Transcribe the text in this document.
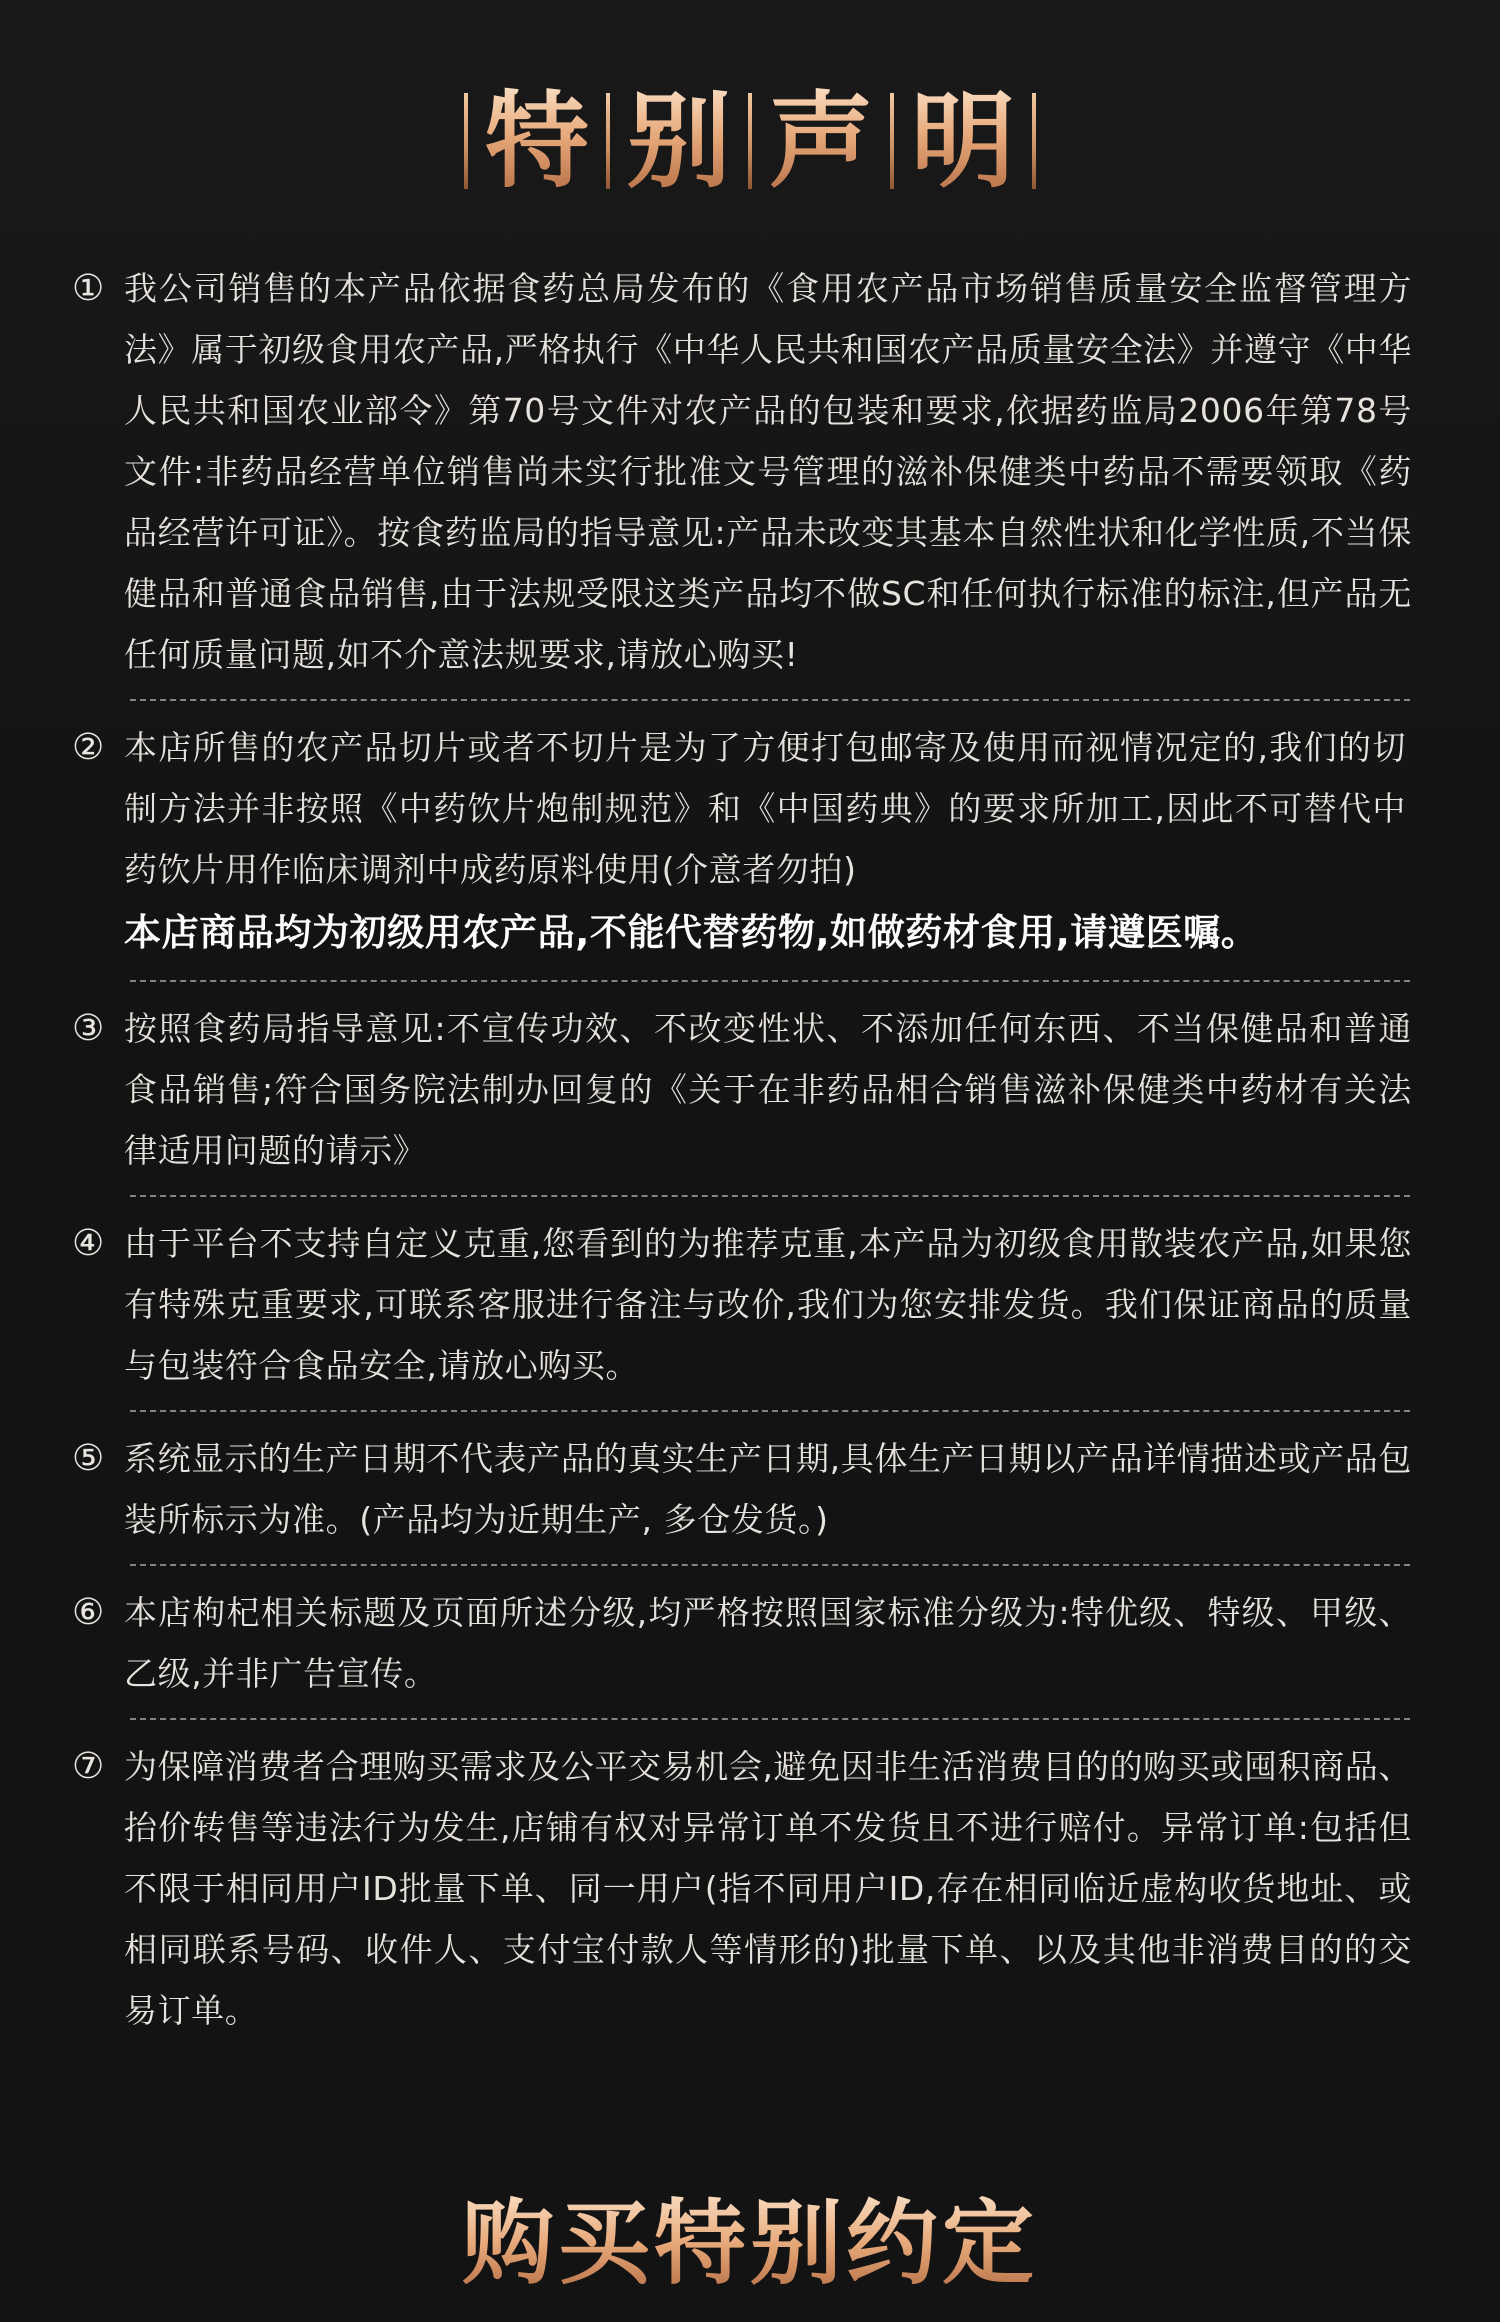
特 别 声 明
① 我公司销售的本产品依据食药总局发布的《食用农产品市场销售质量安全监督管理方法》属于初级食用农产品,严格执行《中华人民共和国农产品质量安全法》并遵守《中华人民共和国农业部令》第70号文件对农产品的包装和要求,依据药监局2006年第78号文件:非药品经营单位销售尚未实行批准文号管理的滋补保健类中药品不需要领取《药品经营许可证》。按食药监局的指导意见:产品未改变其基本自然性状和化学性质,不当保健品和普通食品销售,由于法规受限这类产品均不做SC和任何执行标准的标注,但产品无任何质量问题,如不介意法规要求,请放心购买!
② 本店所售的农产品切片或者不切片是为了方便打包邮寄及使用而视情况定的,我们的切制方法并非按照《中药饮片炮制规范》和《中国药典》的要求所加工,因此不可替代中药饮片用作临床调剂中成药原料使用(介意者勿拍)
本店商品均为初级用农产品,不能代替药物,如做药材食用,请遵医嘱。
③ 按照食药局指导意见:不宣传功效、不改变性状、不添加任何东西、不当保健品和普通食品销售;符合国务院法制办回复的《关于在非药品相合销售滋补保健类中药材有关法律适用问题的请示》
④ 由于平台不支持自定义克重,您看到的为推荐克重,本产品为初级食用散装农产品,如果您有特殊克重要求,可联系客服进行备注与改价,我们为您安排发货。我们保证商品的质量与包装符合食品安全,请放心购买。
⑤ 系统显示的生产日期不代表产品的真实生产日期,具体生产日期以产品详情描述或产品包装所标示为准。(产品均为近期生产, 多仓发货。)
⑥ 本店枸杞相关标题及页面所述分级,均严格按照国家标准分级为:特优级、特级、甲级、乙级,并非广告宣传。
⑦ 为保障消费者合理购买需求及公平交易机会,避免因非生活消费目的的购买或囤积商品、抬价转售等违法行为发生,店铺有权对异常订单不发货且不进行赔付。异常订单:包括但不限于相同用户ID批量下单、同一用户(指不同用户ID,存在相同临近虚构收货地址、或相同联系号码、收件人、支付宝付款人等情形的)批量下单、以及其他非消费目的的交易订单。
购买特别约定
